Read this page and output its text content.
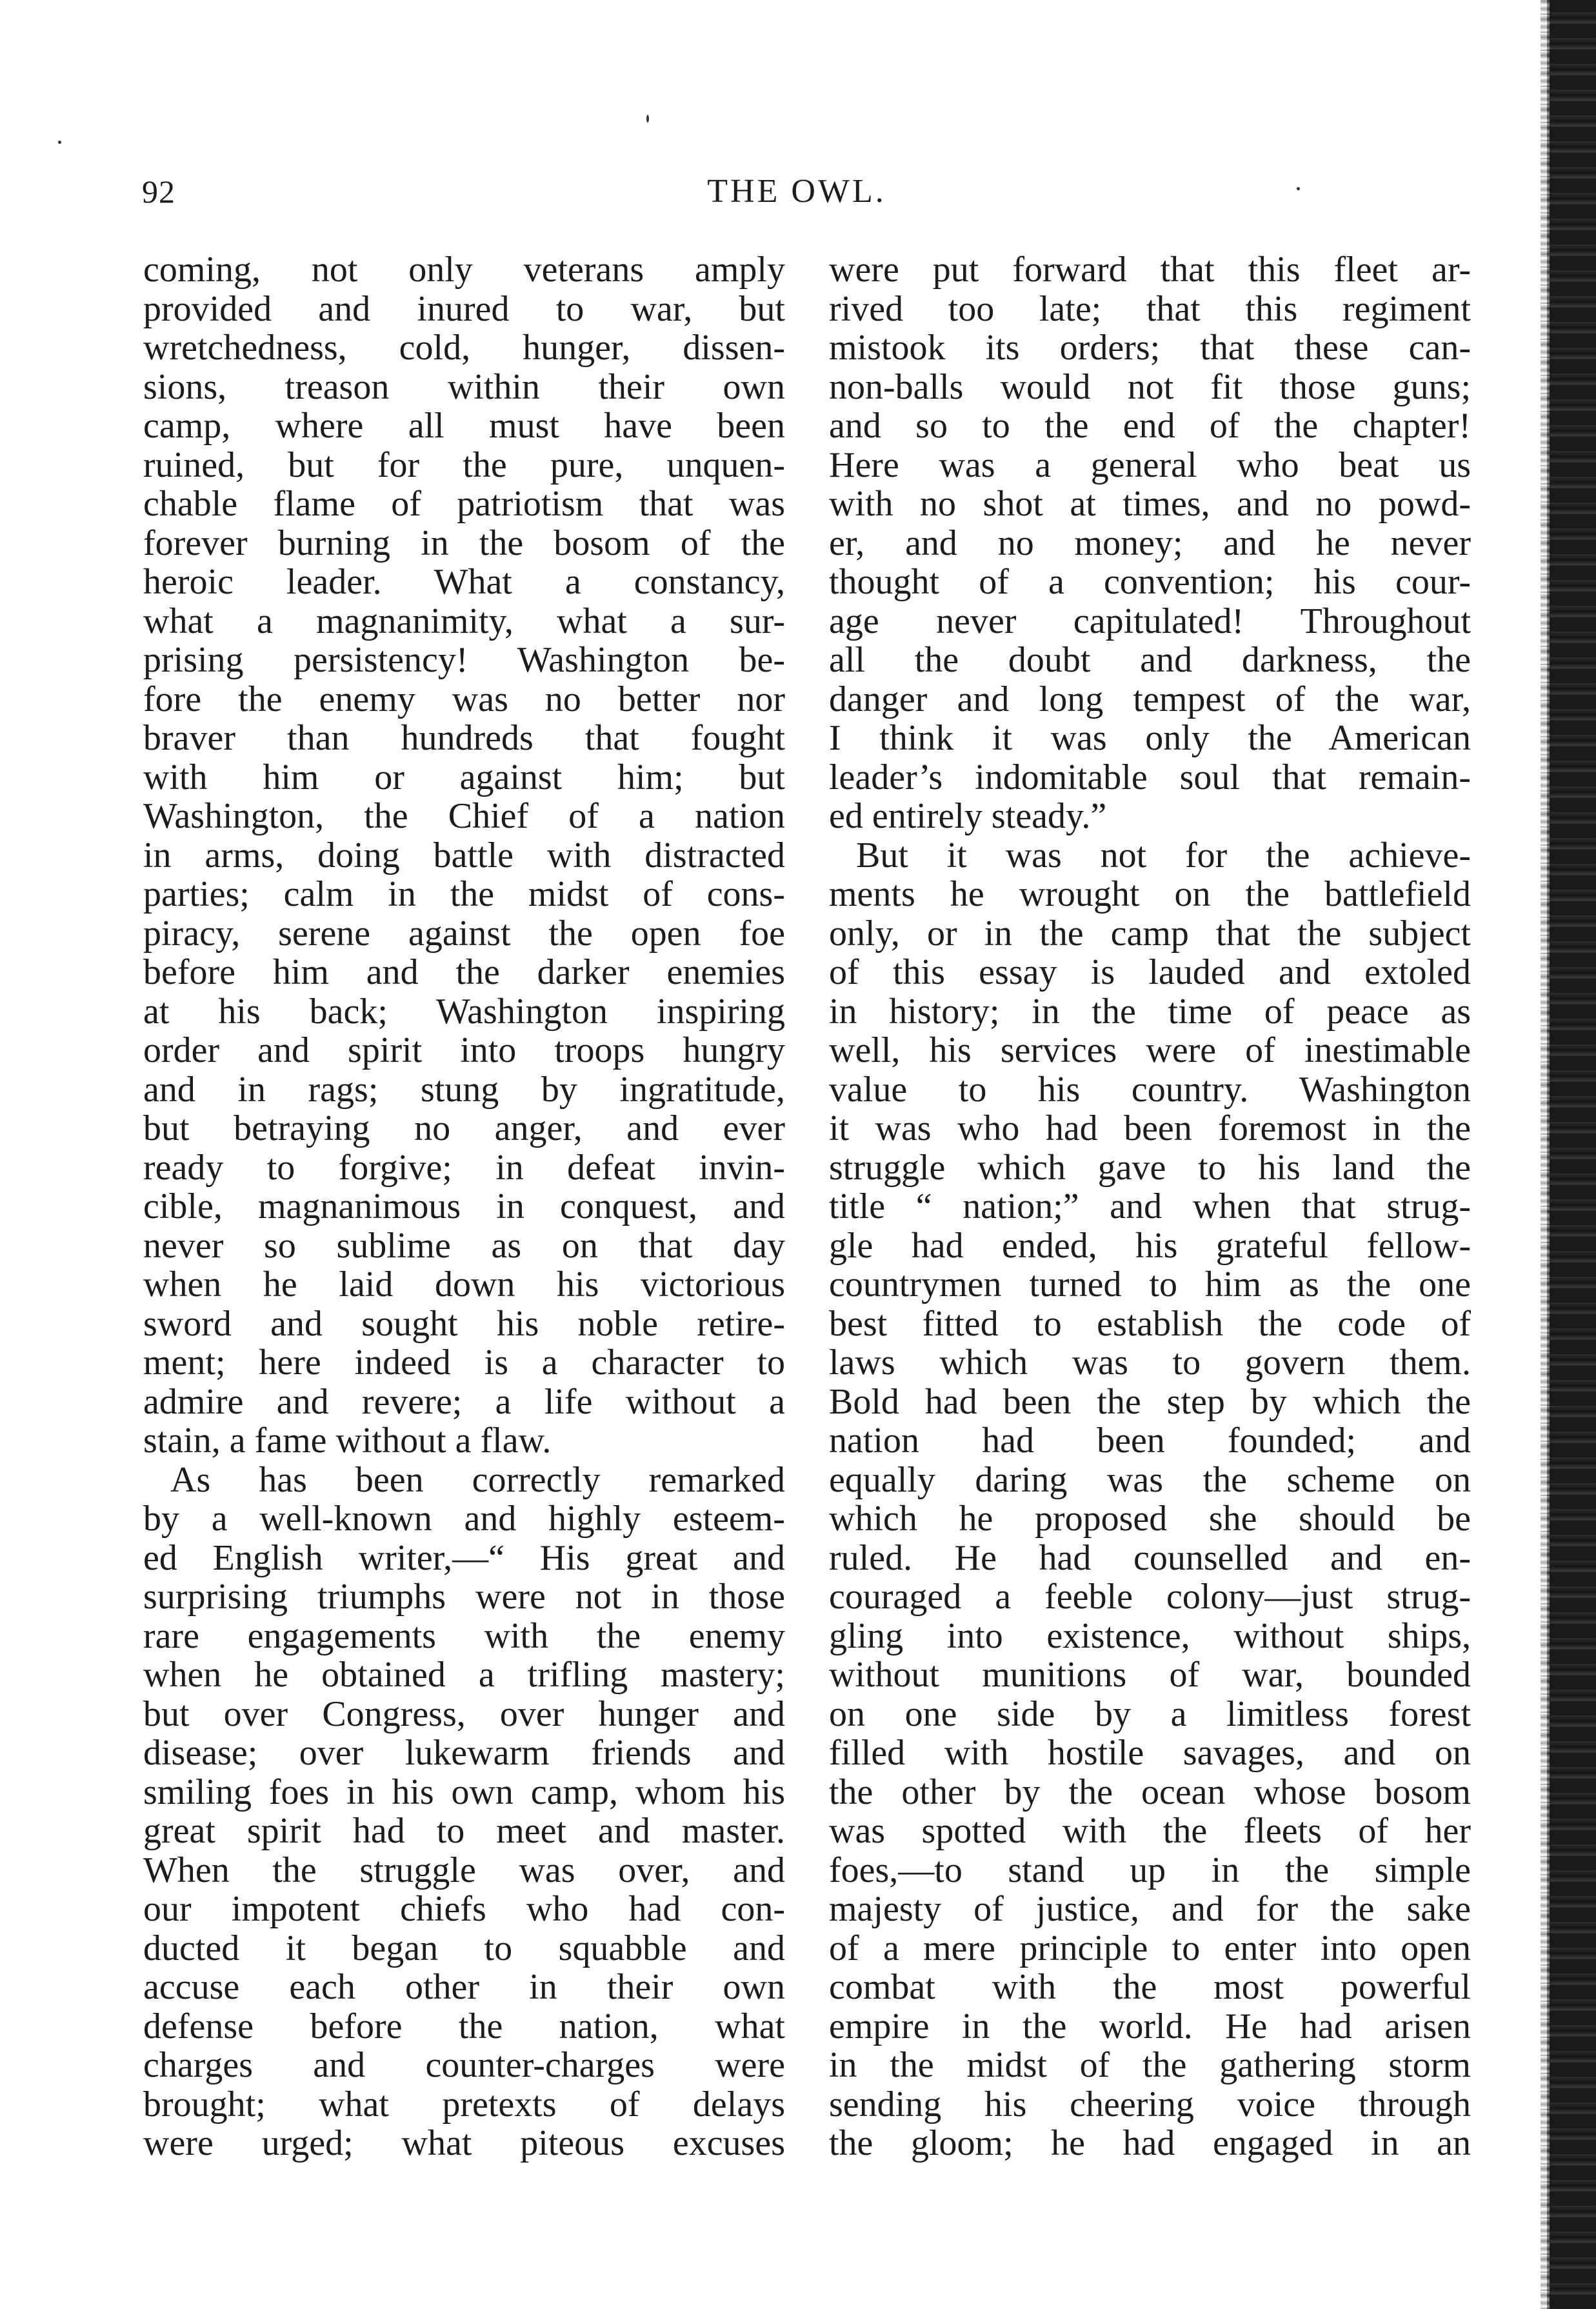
92	THE OWL.
coming, not only veterans amply
provided and inured to war, but
wretchedness, cold, hunger, dissen-
sions, treason within their own
camp, where all must have been
ruined, but for the pure, unquen-
chable flame of patriotism that was
forever burning in the bosom of the
heroic leader. What a constancy,
what a magnanimity, what a sur-
prising persistency! Washington be-
fore the enemy was no better nor
braver than hundreds that fought
with him or against him; but
Washington, the Chief of a nation
in arms, doing battle with distracted
parties; calm in the midst of cons-
piracy, serene against the open foe
before him and the darker enemies
at his back; Washington inspiring
order and spirit into troops hungry
and in rags; stung by ingratitude,
but betraying no anger, and ever
ready to forgive; in defeat invin-
cible, magnanimous in conquest, and
never so sublime as on that day
when he laid down his victorious
sword and sought his noble retire-
ment; here indeed is a character to
admire and revere; a life without a
stain, a fame without a flaw.
As has been correctly remarked
by a well-known and highly esteem-
ed English writer,—“ His great and
surprising triumphs were not in those
rare engagements with the enemy
when he obtained a trifling mastery;
but over Congress, over hunger and
disease; over lukewarm friends and
smiling foes in his own camp, whom his
great spirit had to meet and master.
When the struggle was over, and
our impotent chiefs who had con-
ducted it began to squabble and
accuse each other in their own
defense before the nation, what
charges and counter-charges were
brought; what pretexts of delays
were urged; what piteous excuses
were put forward that this fleet ar-
rived too late; that this regiment
mistook its orders; that these can-
non-balls would not fit those guns;
and so to the end of the chapter!
Here was a general who beat us
with no shot at times, and no powd-
er, and no money; and he never
thought of a convention; his cour-
age never capitulated! Throughout
all the doubt and darkness, the
danger and long tempest of the war,
I think it was only the American
leader’s indomitable soul that remain-
ed entirely steady.”
But it was not for the achieve-
ments he wrought on the battlefield
only, or in the camp that the subject
of this essay is lauded and extoled
in history; in the time of peace as
well, his services were of inestimable
value to his country. Washington
it was who had been foremost in the
struggle which gave to his land the
title “ nation;” and when that strug-
gle had ended, his grateful fellow-
countrymen turned to him as the one
best fitted to establish the code of
laws which was to govern them.
Bold had been the step by which the
nation had been founded; and
equally daring was the scheme on
which he proposed she should be
ruled. He had counselled and en-
couraged a feeble colony—just strug-
gling into existence, without ships,
without munitions of war, bounded
on one side by a limitless forest
filled with hostile savages, and on
the other by the ocean whose bosom
was spotted with the fleets of her
foes,—to stand up in the simple
majesty of justice, and for the sake
of a mere principle to enter into open
combat with the most powerful
empire in the world. He had arisen
in the midst of the gathering storm
sending his cheering voice through
the gloom; he had engaged in an
